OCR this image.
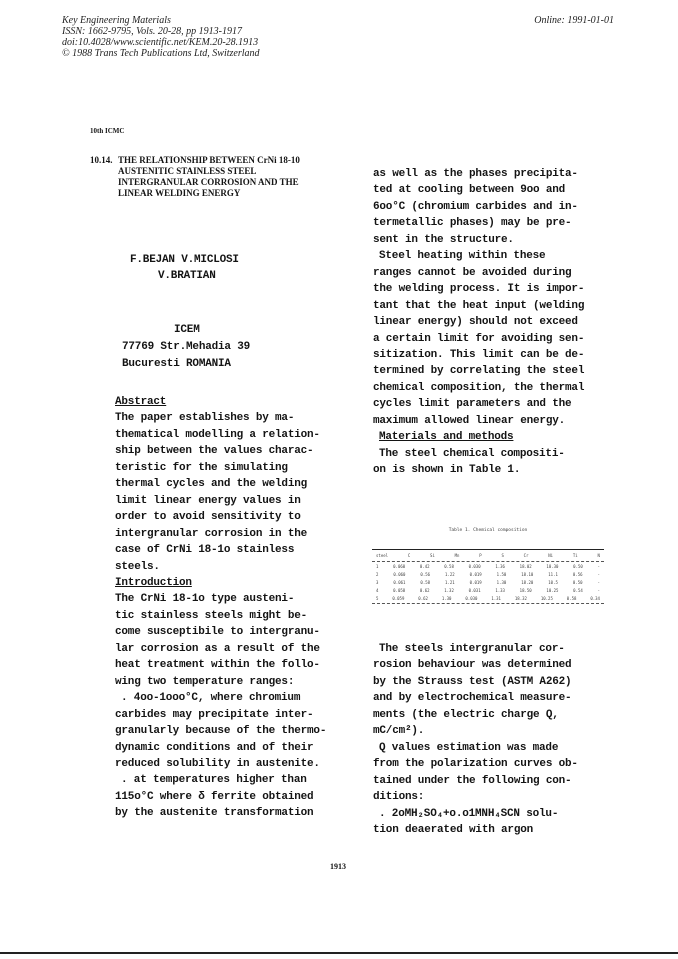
Key Engineering Materials
ISSN: 1662-9795, Vols. 20-28, pp 1913-1917
doi:10.4028/www.scientific.net/KEM.20-28.1913
© 1988 Trans Tech Publications Ltd, Switzerland
Online: 1991-01-01
10th ICMC
10.14. THE RELATIONSHIP BETWEEN CrNi 18-10
AUSTENITIC STAINLESS STEEL
INTERGRANULAR CORROSION AND THE
LINEAR WELDING ENERGY
F.BEJAN V.MICLOSI
V.BRATIAN
ICEM
77769 Str.Mehadia 39
Bucuresti ROMANIA
Abstract
The paper establishes by ma-
thematical modelling a relation-
ship between the values charac-
teristic for the simulating
thermal cycles and the welding
limit linear energy values in
order to avoid sensitivity to
intergranular corrosion in the
case of CrNi 18-1o stainless
steels.
Introduction
The CrNi 18-1o type austeni-
tic stainless steels might be-
come susceptibile to intergranu-
lar corrosion as a result of the
heat treatment within the follo-
wing two temperature ranges:
. 4oo-1ooo°C, where chromium
carbides may precipitate inter-
granularly because of the thermo-
dynamic conditions and of their
reduced solubility in austenite.
. at temperatures higher than
115o°C where δ ferrite obtained
by the austenite transformation
as well as the phases precipita-
ted at cooling between 9oo and
6oo°C (chromium carbides and in-
termetallic phases) may be pre-
sent in the structure.
Steel heating within these
ranges cannot be avoided during
the welding process. It is impor-
tant that the heat input (welding
linear energy) should not exceed
a certain limit for avoiding sen-
sitization. This limit can be de-
termined by correlating the steel
chemical composition, the thermal
cycles limit parameters and the
maximum allowed linear energy.
Materials and methods
The steel chemical compositi-
on is shown in Table 1.
Table 1. Chemical composition
steel	C	Si	Mn	P	S	Cr	Ni	Ti	N
1	0.060	0.42	0.58	0.030	1.36	18.02	10.30	0.50	-
2	0.060	0.56	1.22	0.019	1.50	18.10	11.1	0.56	-
3	0.061	0.58	1.21	0.019	1.30	18.20	10.5	0.50	-
4	0.058	0.62	1.32	0.031	1.33	18.50	10.25	0.54	-
5	0.059	0.62	1.30	0.030	1.31	18.32	10.25	0.58	0.34
The steels intergranular cor-
rosion behaviour was determined
by the Strauss test (ASTM A262)
and by electrochemical measure-
ments (the electric charge Q,
mC/cm²).
Q values estimation was made
from the polarization curves ob-
tained under the following con-
ditions:
. 2oMH₂SO₄+o.o1MNH₄SCN solu-
tion deaerated with argon
1913
